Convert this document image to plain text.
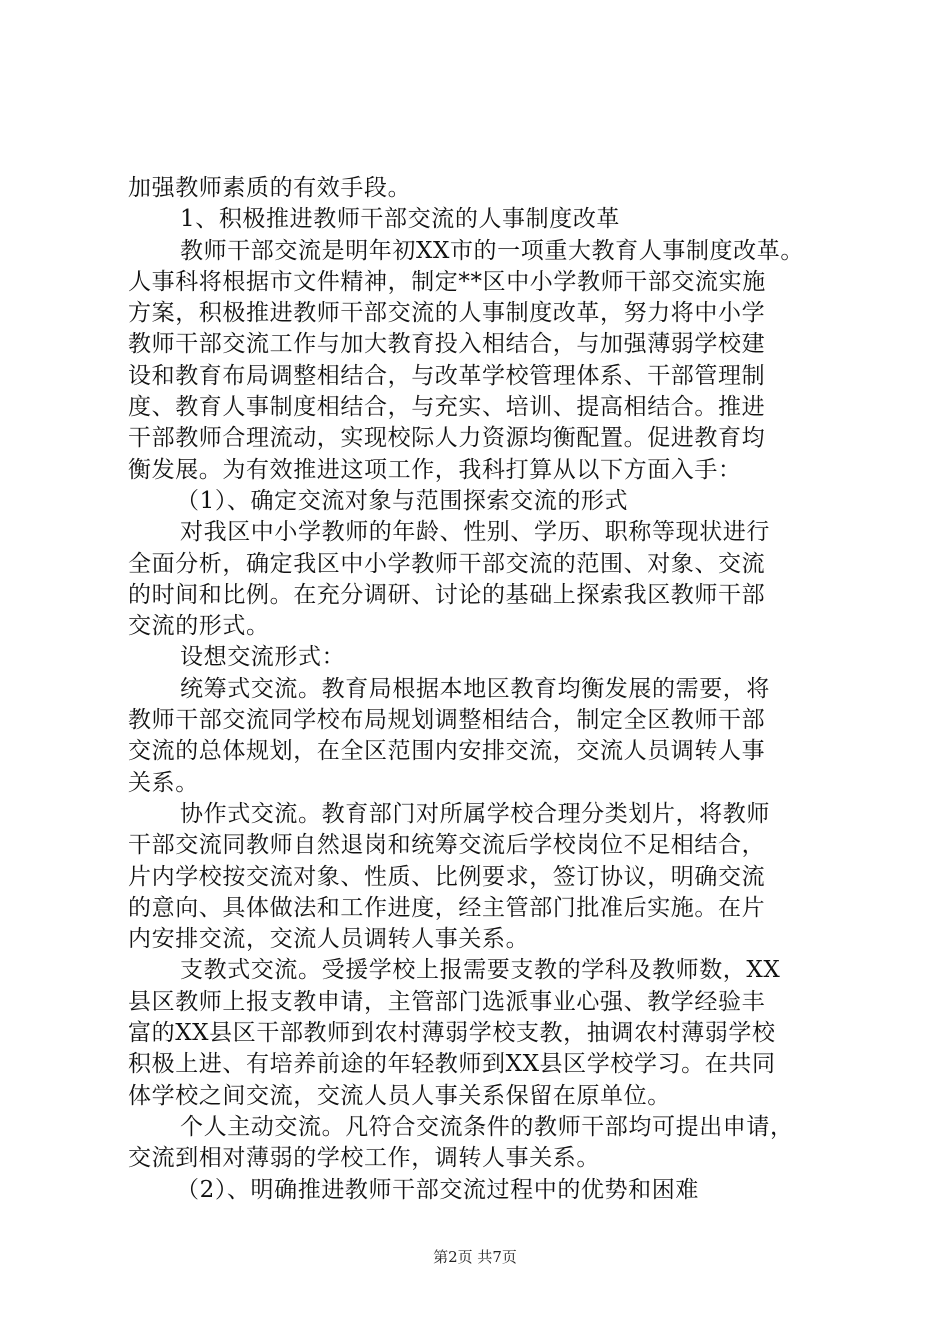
加强教师素质的有效手段。
1、积极推进教师干部交流的人事制度改革
教师干部交流是明年初XX市的一项重大教育人事制度改革。
人事科将根据市文件精神，制定**区中小学教师干部交流实施
方案，积极推进教师干部交流的人事制度改革，努力将中小学
教师干部交流工作与加大教育投入相结合，与加强薄弱学校建
设和教育布局调整相结合，与改革学校管理体系、干部管理制
度、教育人事制度相结合，与充实、培训、提高相结合。推进
干部教师合理流动，实现校际人力资源均衡配置。促进教育均
衡发展。为有效推进这项工作，我科打算从以下方面入手：
（1）、确定交流对象与范围探索交流的形式
对我区中小学教师的年龄、性别、学历、职称等现状进行
全面分析，确定我区中小学教师干部交流的范围、对象、交流
的时间和比例。在充分调研、讨论的基础上探索我区教师干部
交流的形式。
设想交流形式：
统筹式交流。教育局根据本地区教育均衡发展的需要，将
教师干部交流同学校布局规划调整相结合，制定全区教师干部
交流的总体规划，在全区范围内安排交流，交流人员调转人事
关系。
协作式交流。教育部门对所属学校合理分类划片，将教师
干部交流同教师自然退岗和统筹交流后学校岗位不足相结合，
片内学校按交流对象、性质、比例要求，签订协议，明确交流
的意向、具体做法和工作进度，经主管部门批准后实施。在片
内安排交流，交流人员调转人事关系。
支教式交流。受援学校上报需要支教的学科及教师数，XX
县区教师上报支教申请，主管部门选派事业心强、教学经验丰
富的XX县区干部教师到农村薄弱学校支教，抽调农村薄弱学校
积极上进、有培养前途的年轻教师到XX县区学校学习。在共同
体学校之间交流，交流人员人事关系保留在原单位。
个人主动交流。凡符合交流条件的教师干部均可提出申请，
交流到相对薄弱的学校工作，调转人事关系。
（2）、明确推进教师干部交流过程中的优势和困难
第2页 共7页
